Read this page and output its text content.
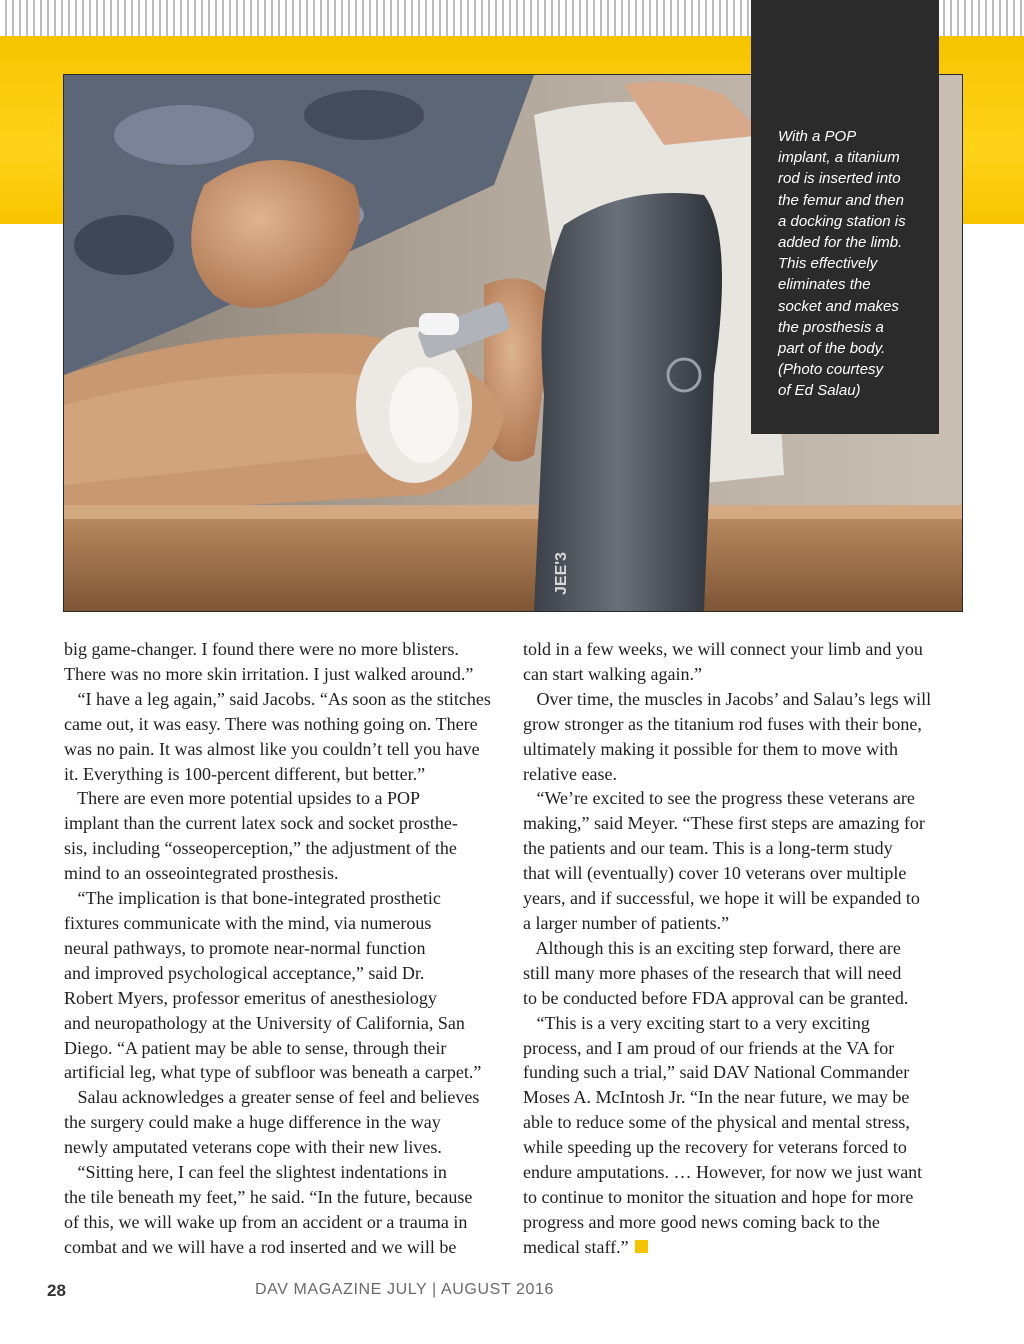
JEE'3
With a POP
implant, a titanium
rod is inserted into
the femur and then
a docking station is
added for the limb.
This effectively
eliminates the
socket and makes
the prosthesis a
part of the body.
(Photo courtesy
of Ed Salau)
big game-changer. I found there were no more blisters.
There was no more skin irritation. I just walked around.”
“I have a leg again,” said Jacobs. “As soon as the stitches
came out, it was easy. There was nothing going on. There
was no pain. It was almost like you couldn’t tell you have
it. Everything is 100-percent different, but better.”
There are even more potential upsides to a POP
implant than the current latex sock and socket prosthe-
sis, including “osseoperception,” the adjustment of the
mind to an osseointegrated prosthesis.
“The implication is that bone-integrated prosthetic
fixtures communicate with the mind, via numerous
neural pathways, to promote near-normal function
and improved psychological acceptance,” said Dr.
Robert Myers, professor emeritus of anesthesiology
and neuropathology at the University of California, San
Diego. “A patient may be able to sense, through their
artificial leg, what type of subfloor was beneath a carpet.”
Salau acknowledges a greater sense of feel and believes
the surgery could make a huge difference in the way
newly amputated veterans cope with their new lives.
“Sitting here, I can feel the slightest indentations in
the tile beneath my feet,” he said. “In the future, because
of this, we will wake up from an accident or a trauma in
combat and we will have a rod inserted and we will be
told in a few weeks, we will connect your limb and you
can start walking again.”
Over time, the muscles in Jacobs’ and Salau’s legs will
grow stronger as the titanium rod fuses with their bone,
ultimately making it possible for them to move with
relative ease.
“We’re excited to see the progress these veterans are
making,” said Meyer. “These first steps are amazing for
the patients and our team. This is a long-term study
that will (eventually) cover 10 veterans over multiple
years, and if successful, we hope it will be expanded to
a larger number of patients.”
Although this is an exciting step forward, there are
still many more phases of the research that will need
to be conducted before FDA approval can be granted.
“This is a very exciting start to a very exciting
process, and I am proud of our friends at the VA for
funding such a trial,” said DAV National Commander
Moses A. McIntosh Jr. “In the near future, we may be
able to reduce some of the physical and mental stress,
while speeding up the recovery for veterans forced to
endure amputations. … However, for now we just want
to continue to monitor the situation and hope for more
progress and more good news coming back to the
medical staff.”
28	DAV MAGAZINE JULY | AUGUST 2016
